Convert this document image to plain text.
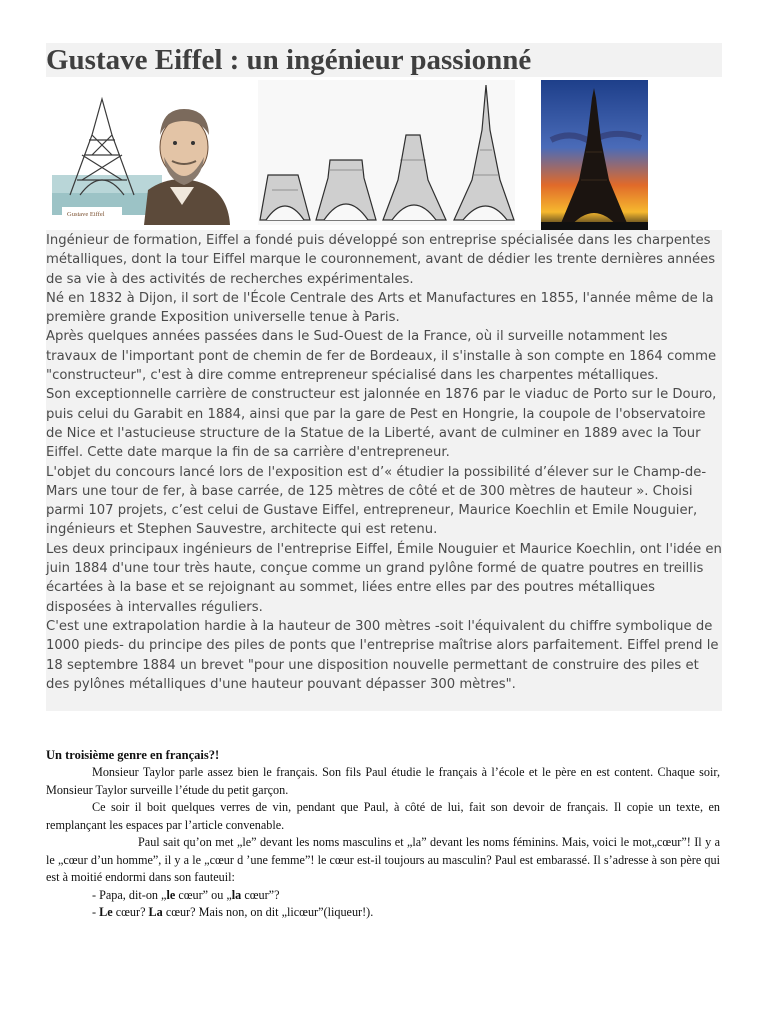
Gustave Eiffel : un ingénieur passionné
Gustave Eiffel

Ingénieur de formation, Eiffel a fondé puis développé son entreprise spécialisée dans les charpentes métalliques, dont la tour Eiffel marque le couronnement, avant de dédier les trente dernières années de sa vie à des activités de recherches expérimentales.

Né en 1832 à Dijon, il sort de l'École Centrale des Arts et Manufactures en 1855, l'année même de la première grande Exposition universelle tenue à Paris.

Après quelques années passées dans le Sud-Ouest de la France, où il surveille notamment les travaux de l'important pont de chemin de fer de Bordeaux, il s'installe à son compte en 1864 comme "constructeur", c'est à dire comme entrepreneur spécialisé dans les charpentes métalliques.

Son exceptionnelle carrière de constructeur est jalonnée en 1876 par le viaduc de Porto sur le Douro, puis celui du Garabit en 1884, ainsi que par la gare de Pest en Hongrie, la coupole de l'observatoire de Nice et l'astucieuse structure de la Statue de la Liberté, avant de culminer en 1889 avec la Tour Eiffel. Cette date marque la fin de sa carrière d'entrepreneur.

L'objet du concours lancé lors de l'exposition est d’« étudier la possibilité d’élever sur le Champ-de-Mars une tour de fer, à base carrée, de 125 mètres de côté et de 300 mètres de hauteur ». Choisi parmi 107 projets, c’est celui de Gustave Eiffel, entrepreneur, Maurice Koechlin et Emile Nouguier, ingénieurs et Stephen Sauvestre, architecte qui est retenu.

Les deux principaux ingénieurs de l'entreprise Eiffel, Émile Nouguier et Maurice Koechlin, ont l'idée en juin 1884 d'une tour très haute, conçue comme un grand pylône formé de quatre poutres en treillis écartées à la base et se rejoignant au sommet, liées entre elles par des poutres métalliques disposées à intervalles réguliers.

C'est une extrapolation hardie à la hauteur de 300 mètres -soit l'équivalent du chiffre symbolique de 1000 pieds- du principe des piles de ponts que l'entreprise maîtrise alors parfaitement. Eiffel prend le 18 septembre 1884 un brevet "pour une disposition nouvelle permettant de construire des piles et des pylônes métalliques d'une hauteur pouvant dépasser 300 mètres".

Un troisième genre en français?!

Monsieur Taylor parle assez bien le français. Son fils Paul étudie le français à l’école et le père en est content. Chaque soir, Monsieur Taylor surveille l’étude du petit garçon.

Ce soir il boit quelques verres de vin, pendant que Paul, à côté de lui, fait son devoir de français. Il copie un texte, en remplançant les espaces par l’article convenable.

Paul sait qu’on met „le” devant les noms masculins et „la” devant les noms féminins. Mais, voici le mot„cœur”! Il y a le „cœur d’un homme”, il y a le „cœur d ’une femme”! le cœur est-il toujours au masculin? Paul est embarassé. Il s’adresse à son père qui est à moitié endormi dans son fauteuil:

- Papa, dit-on „le cœur” ou „la cœur”?

- Le cœur? La cœur? Mais non, on dit „licœur”(liqueur!).
